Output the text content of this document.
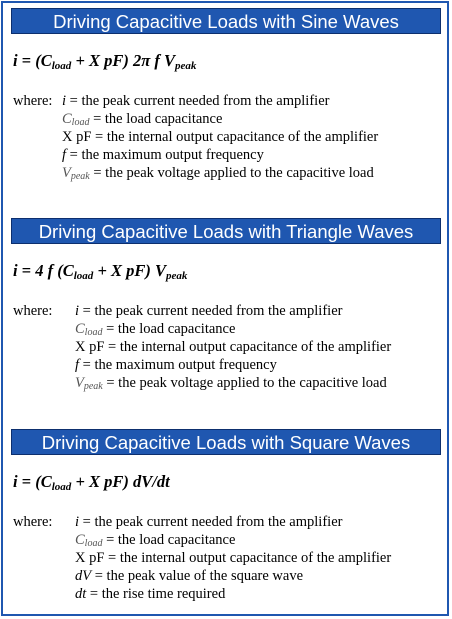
Driving Capacitive Loads with Sine Waves
$i = (C_{load} + X$ pF) 2π f $V_{peak}$
where: i = the peak current needed from the amplifier
$C_{load}$ = the load capacitance
X pF = the internal output capacitance of the amplifier
f = the maximum output frequency
$V_{peak}$ = the peak voltage applied to the capacitive load
Driving Capacitive Loads with Triangle Waves
i = 4 f ($C_{load} + X$ pF) $V_{peak}$
where: i = the peak current needed from the amplifier
$C_{load}$ = the load capacitance
X pF = the internal output capacitance of the amplifier
f = the maximum output frequency
$V_{peak}$ = the peak voltage applied to the capacitive load
Driving Capacitive Loads with Square Waves
$i = (C_{load} + X$ pF) dV/dt
where: i = the peak current needed from the amplifier
$C_{load}$ = the load capacitance
X pF = the internal output capacitance of the amplifier
dV = the peak value of the square wave
dt = the rise time required
